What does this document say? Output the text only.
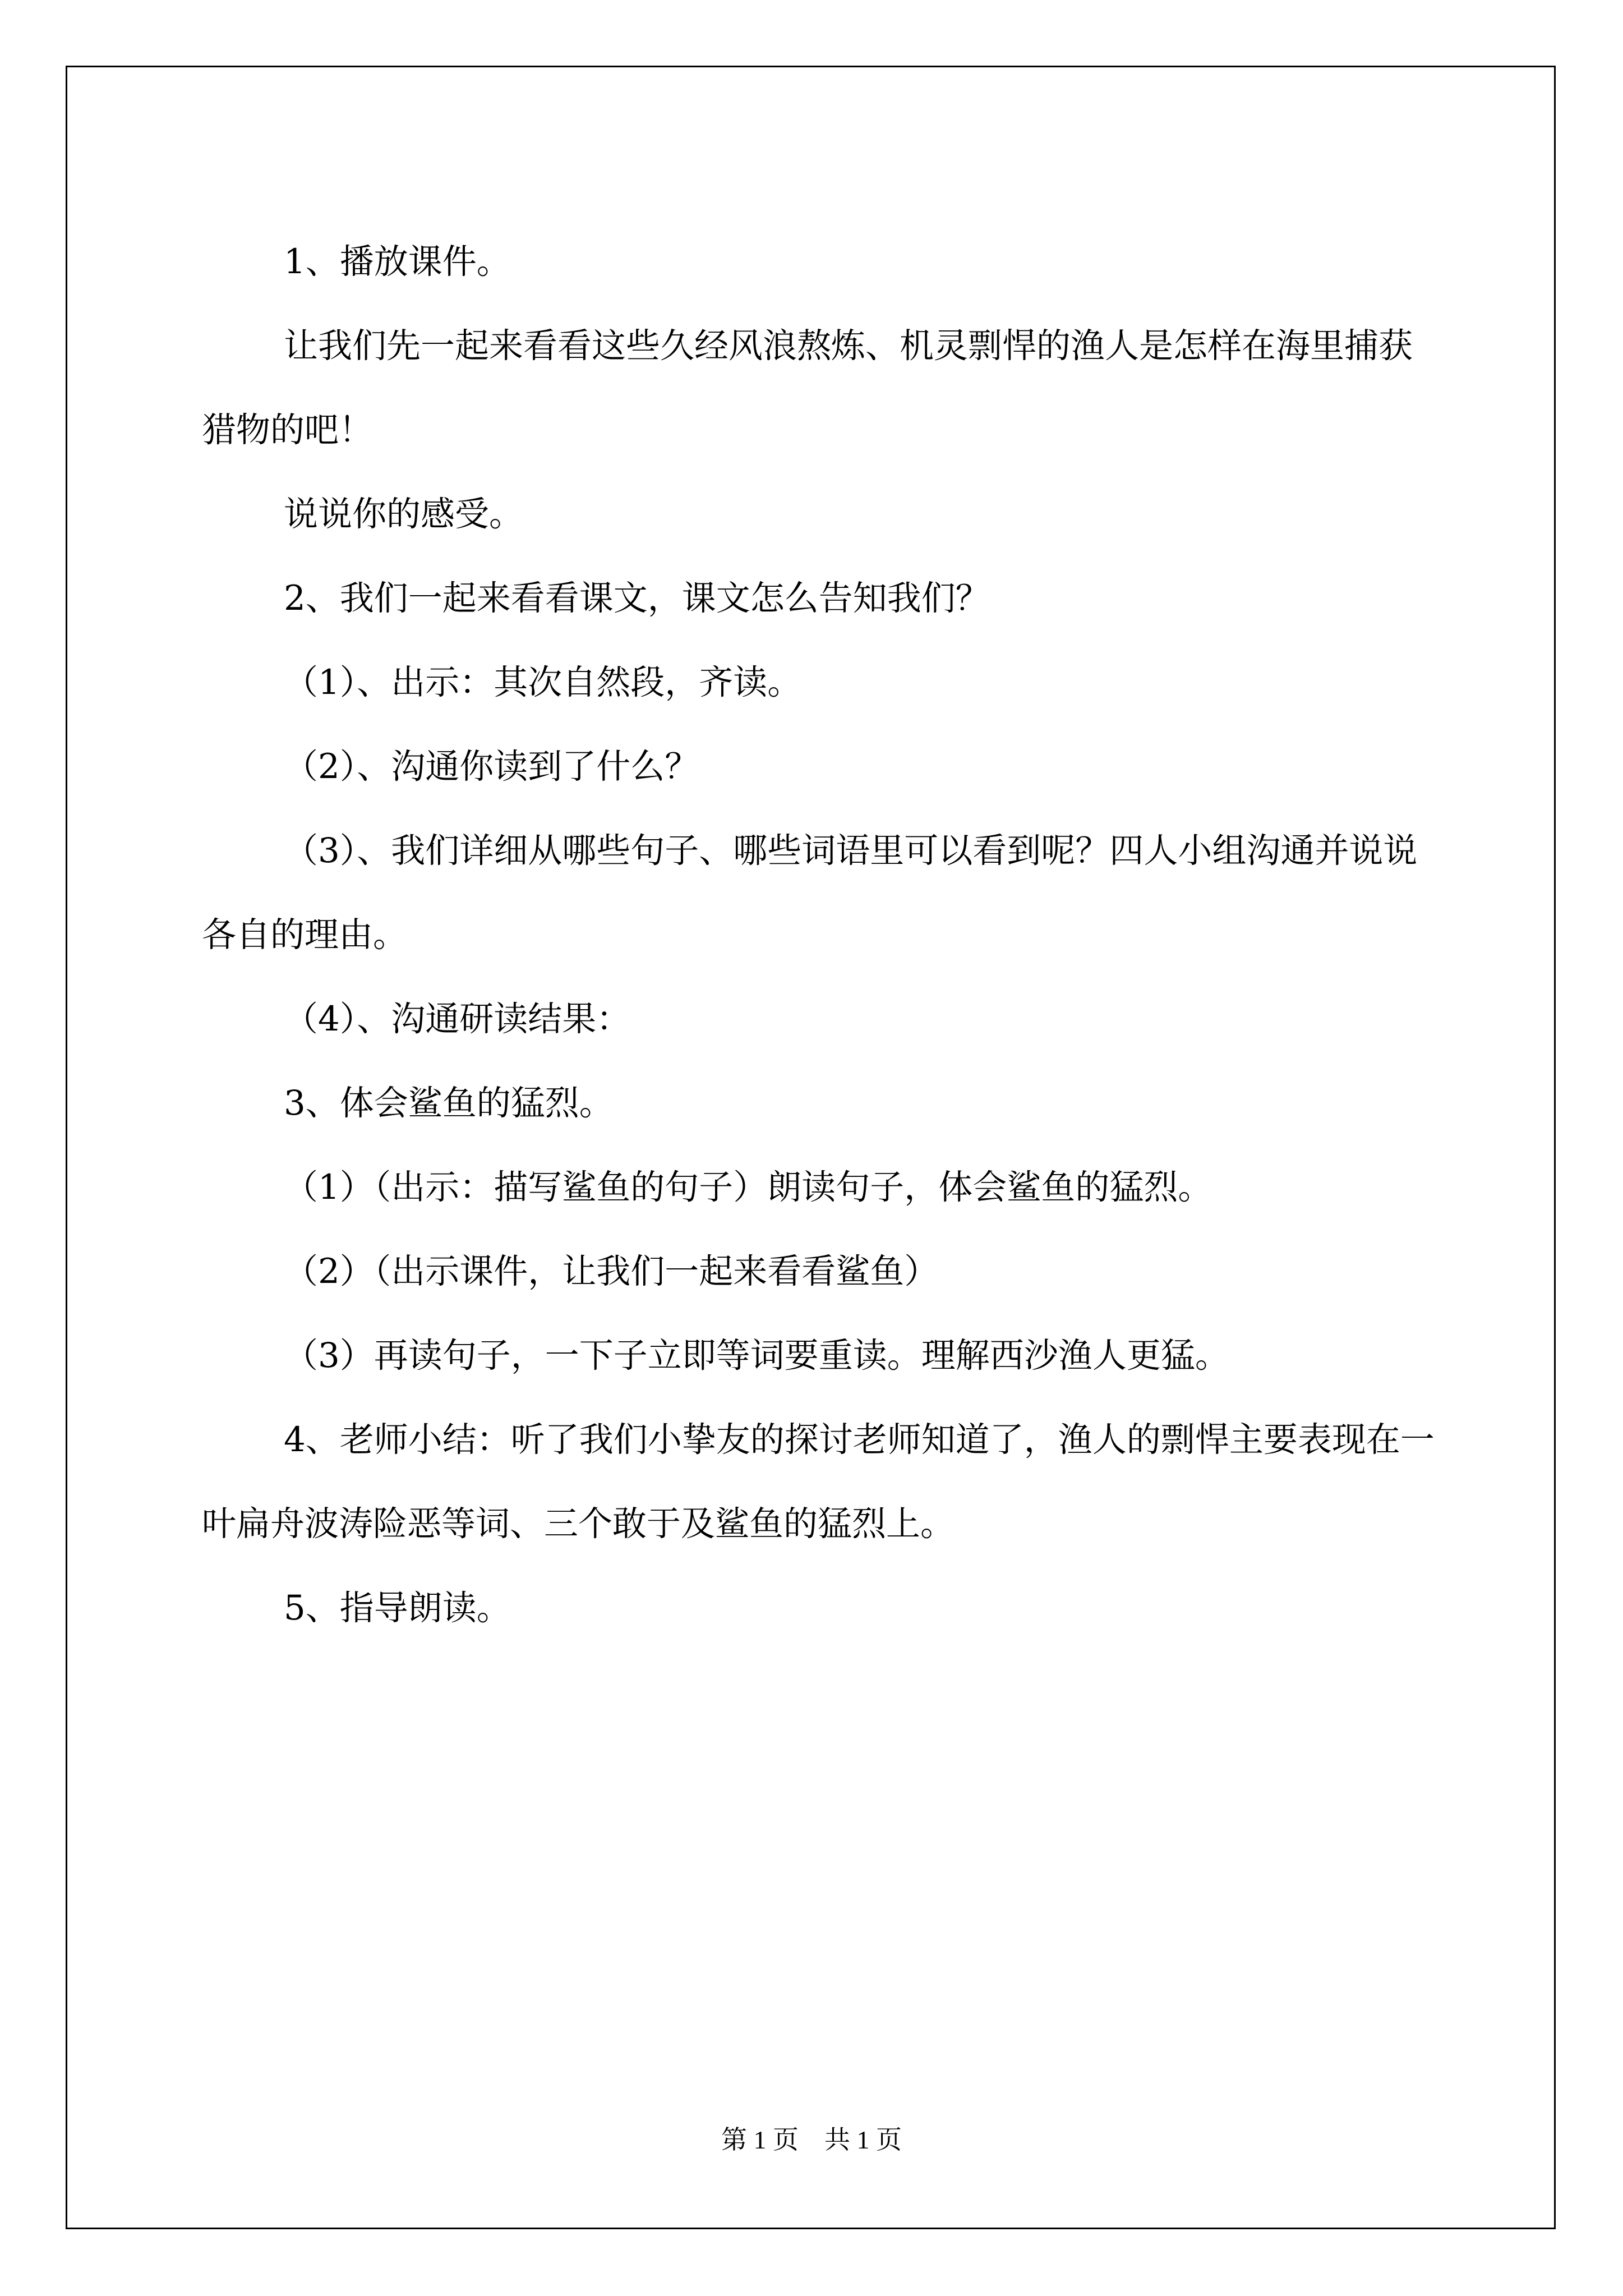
1、播放课件。

让我们先一起来看看这些久经风浪熬炼、机灵剽悍的渔人是怎样在海里捕获猎物的吧！

说说你的感受。

2、我们一起来看看课文，课文怎么告知我们？

（1）、出示：其次自然段，齐读。

（2）、沟通你读到了什么？

（3）、我们详细从哪些句子、哪些词语里可以看到呢？四人小组沟通并说说各自的理由。

（4）、沟通研读结果：

3、体会鲨鱼的猛烈。

（1）（出示：描写鲨鱼的句子）朗读句子，体会鲨鱼的猛烈。

（2）（出示课件，让我们一起来看看鲨鱼）

（3）再读句子，一下子立即等词要重读。理解西沙渔人更猛。

4、老师小结：听了我们小挚友的探讨老师知道了，渔人的剽悍主要表现在一叶扁舟波涛险恶等词、三个敢于及鲨鱼的猛烈上。

5、指导朗读。

第 1 页　共 1 页
